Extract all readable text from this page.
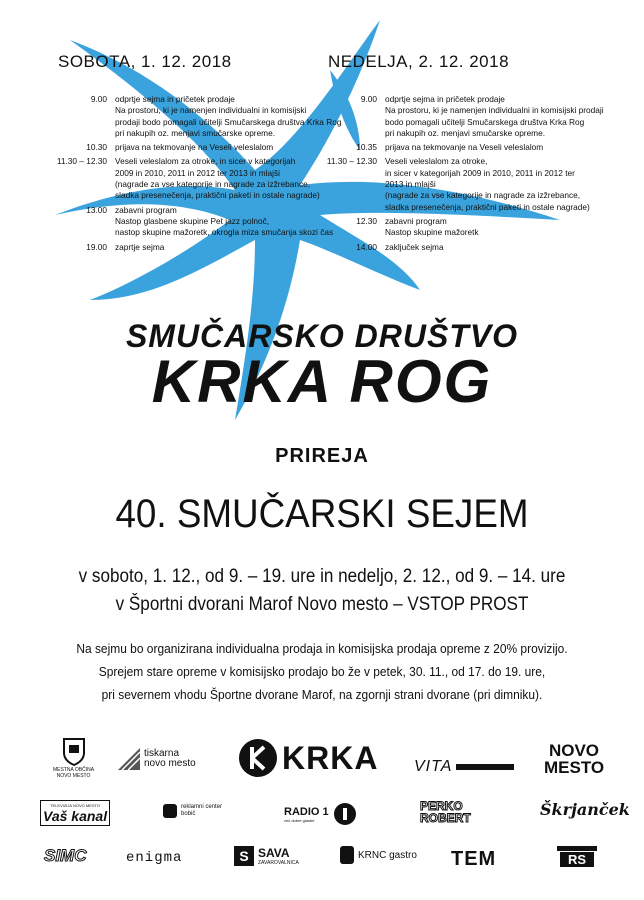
SOBOTA, 1. 12. 2018	NEDELJA, 2. 12. 2018
9.00 odprtje sejma in pričetek prodaje
Na prostoru, ki je namenjen individualni in komisijski
prodaji bodo pomagali učitelji Smučarskega društva Krka Rog
pri nakupih oz. menjavi smučarske opreme.
10.30 prijava na tekmovanje na Veseli veleslalom
11.30 – 12.30 Veseli veleslalom za otroke, in sicer v kategorijah
2009 in 2010, 2011 in 2012 ter 2013 in mlajši
(nagrade za vse kategorije in nagrade za izžrebance,
sladka presenečenja, praktični paketi in ostale nagrade)
13.00 zabavni program
Nastop glasbene skupine Pet jazz polnoč,
nastop skupine mažoretk, okrogla miza smučanja skozi čas
19.00 zaprtje sejma
9.00 odprtje sejma in pričetek prodaje
Na prostoru, ki je namenjen individualni in komisijski prodaji
bodo pomagali učitelji Smučarskega društva Krka Rog
pri nakupih oz. menjavi smučarske opreme.
10.35 prijava na tekmovanje na Veseli veleslalom
11.30 – 12.30 Veseli veleslalom za otroke,
in sicer v kategorijah 2009 in 2010, 2011 in 2012 ter
2013 in mlajši
(nagrade za vse kategorije in nagrade za izžrebance,
sladka presenečenja, praktični paketi in ostale nagrade)
12.30 zabavni program
Nastop skupine mažoretk
14.00 zaključek sejma
SMUČARSKO DRUŠTVO
KRKA ROG
PRIREJA
40. SMUČARSKI SEJEM
v soboto, 1. 12., od 9. – 19. ure in nedeljo, 2. 12., od 9. – 14. ure
v Športni dvorani Marof Novo mesto – VSTOP PROST
Na sejmu bo organizirana individualna prodaja in komisijska prodaja opreme z 20% provizijo.
Sprejem stare opreme v komisijsko prodajo bo že v petek, 30. 11., od 17. do 19. ure,
pri severnem vhodu Športne dvorane Marof, na zgornji strani dvorane (pri dimniku).
MESTNA OBČINA NOVO MESTO
tiskarna novo mesto	KRKA VITA
NOVO MESTO
TELEVIZIJA NOVO MESTO
Vaš kanal
reklamni center bobič	RADIO 1
več dobre glasbe
PERKO ROBERT	Škrjanček
SIMC	enigma	S SAVA
ZAVAROVALNICA
KRNC gastro TEM	RS
